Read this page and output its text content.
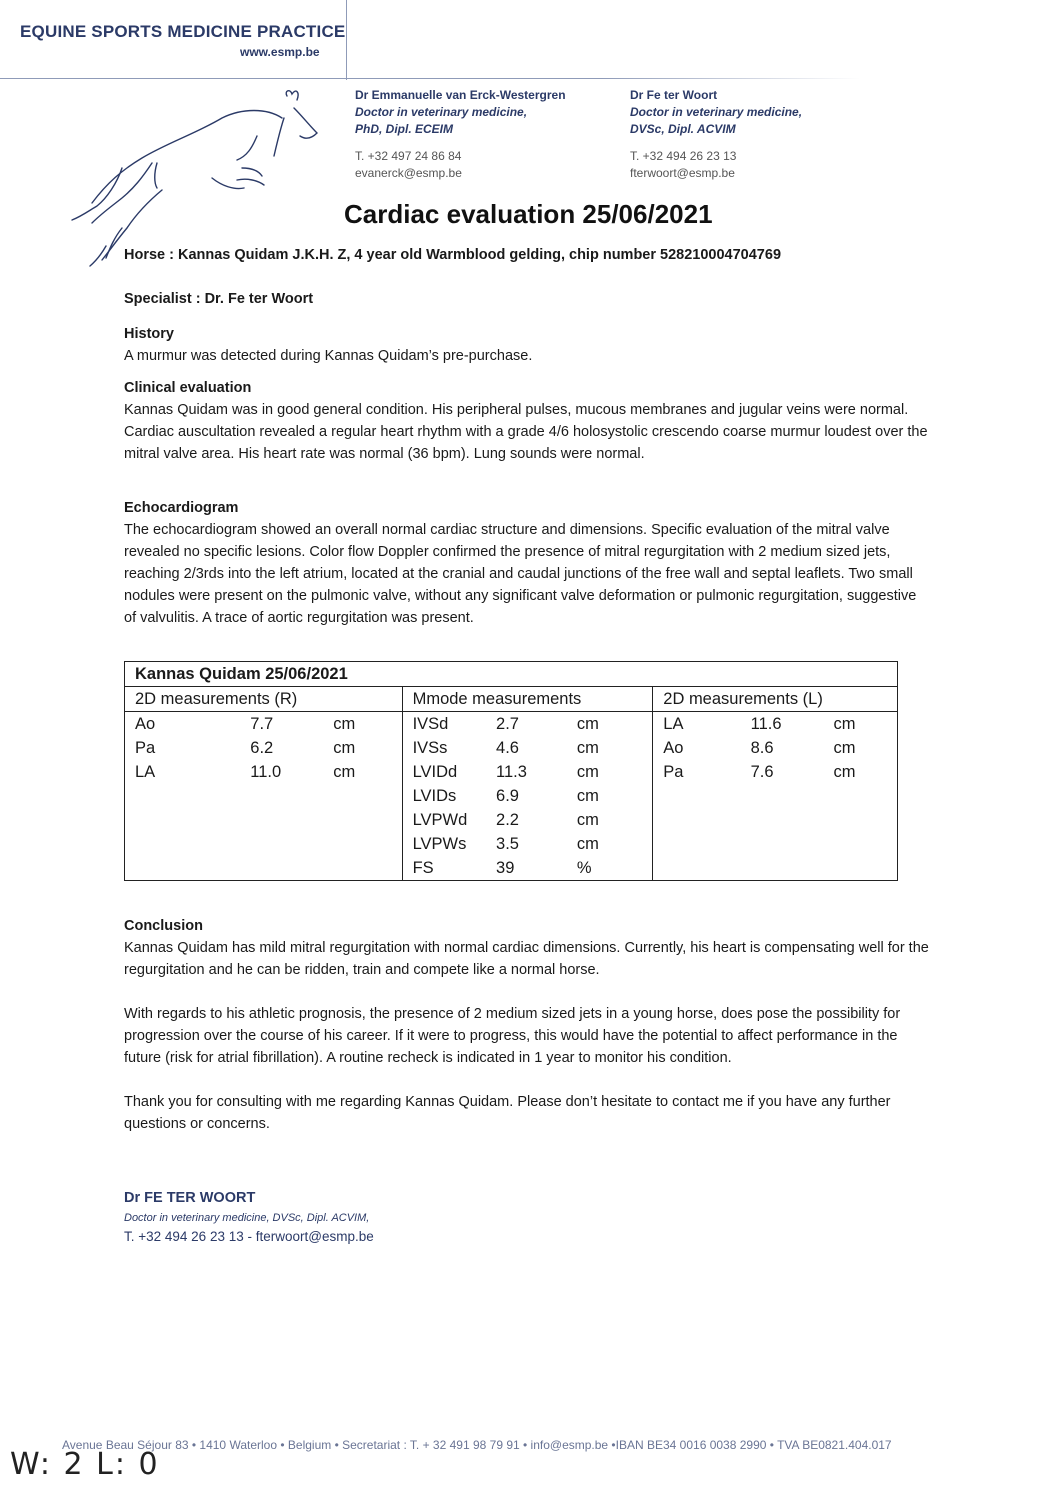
EQUINE SPORTS MEDICINE PRACTICE
www.esmp.be
Dr Emmanuelle van Erck-Westergren
Doctor in veterinary medicine,
PhD, Dipl. ECEIM
T. +32 497 24 86 84
evanerck@esmp.be
Dr Fe ter Woort
Doctor in veterinary medicine,
DVSc, Dipl. ACVIM
T. +32 494 26 23 13
fterwoort@esmp.be
Cardiac evaluation 25/06/2021
Horse : Kannas Quidam J.K.H. Z, 4 year old Warmblood gelding, chip number 528210004704769
Specialist : Dr. Fe ter Woort
History

A murmur was detected during Kannas Quidam’s pre-purchase.

Clinical evaluation

Kannas Quidam was in good general condition. His peripheral pulses, mucous membranes and jugular veins were normal. Cardiac auscultation revealed a regular heart rhythm with a grade 4/6 holosystolic crescendo coarse murmur loudest over the mitral valve area. His heart rate was normal (36 bpm). Lung sounds were normal.

Echocardiogram

The echocardiogram showed an overall normal cardiac structure and dimensions. Specific evaluation of the mitral valve revealed no specific lesions. Color flow Doppler confirmed the presence of mitral regurgitation with 2 medium sized jets, reaching 2/3rds into the left atrium, located at the cranial and caudal junctions of the free wall and septal leaflets. Two small nodules were present on the pulmonic valve, without any significant valve deformation or pulmonic regurgitation, suggestive of valvulitis. A trace of aortic regurgitation was present.

Kannas Quidam 25/06/2021								
2D measurements (R)			Mmode measurements			2D measurements (L)		
Ao	7.7	cm	IVSd	2.7	cm	LA	11.6	cm
Pa	6.2	cm	IVSs	4.6	cm	Ao	8.6	cm
LA	11.0	cm	LVIDd	11.3	cm	Pa	7.6	cm
			LVIDs	6.9	cm			
			LVPWd	2.2	cm			
			LVPWs	3.5	cm			
			FS	39	%			
Conclusion

Kannas Quidam has mild mitral regurgitation with normal cardiac dimensions. Currently, his heart is compensating well for the regurgitation and he can be ridden, train and compete like a normal horse.

With regards to his athletic prognosis, the presence of 2 medium sized jets in a young horse, does pose the possibility for progression over the course of his career. If it were to progress, this would have the potential to affect performance in the future (risk for atrial fibrillation). A routine recheck is indicated in 1 year to monitor his condition.

Thank you for consulting with me regarding Kannas Quidam. Please don’t hesitate to contact me if you have any further questions or concerns.

Dr FE TER WOORT
Doctor in veterinary medicine, DVSc, Dipl. ACVIM,
T. +32 494 26 23 13 - fterwoort@esmp.be
Avenue Beau Séjour 83 • 1410 Waterloo • Belgium • Secretariat : T. + 32 491 98 79 91 • info@esmp.be •IBAN BE34 0016 0038 2990 • TVA BE0821.404.017
W: 2 L: 0
